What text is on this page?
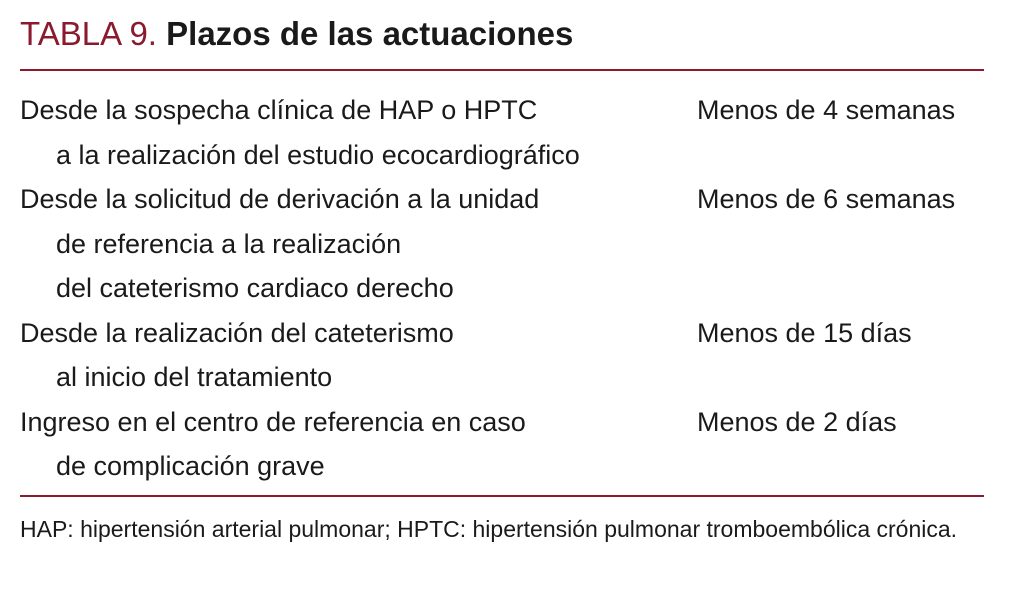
TABLA 9. Plazos de las actuaciones
Desde la sospecha clínica de HAP o HPTC
a la realización del estudio ecocardiográfico
Menos de 4 semanas
Desde la solicitud de derivación a la unidad
de referencia a la realización
del cateterismo cardiaco derecho
Menos de 6 semanas
Desde la realización del cateterismo
al inicio del tratamiento
Menos de 15 días
Ingreso en el centro de referencia en caso
de complicación grave
Menos de 2 días
HAP: hipertensión arterial pulmonar; HPTC: hipertensión pulmonar tromboembólica crónica.
